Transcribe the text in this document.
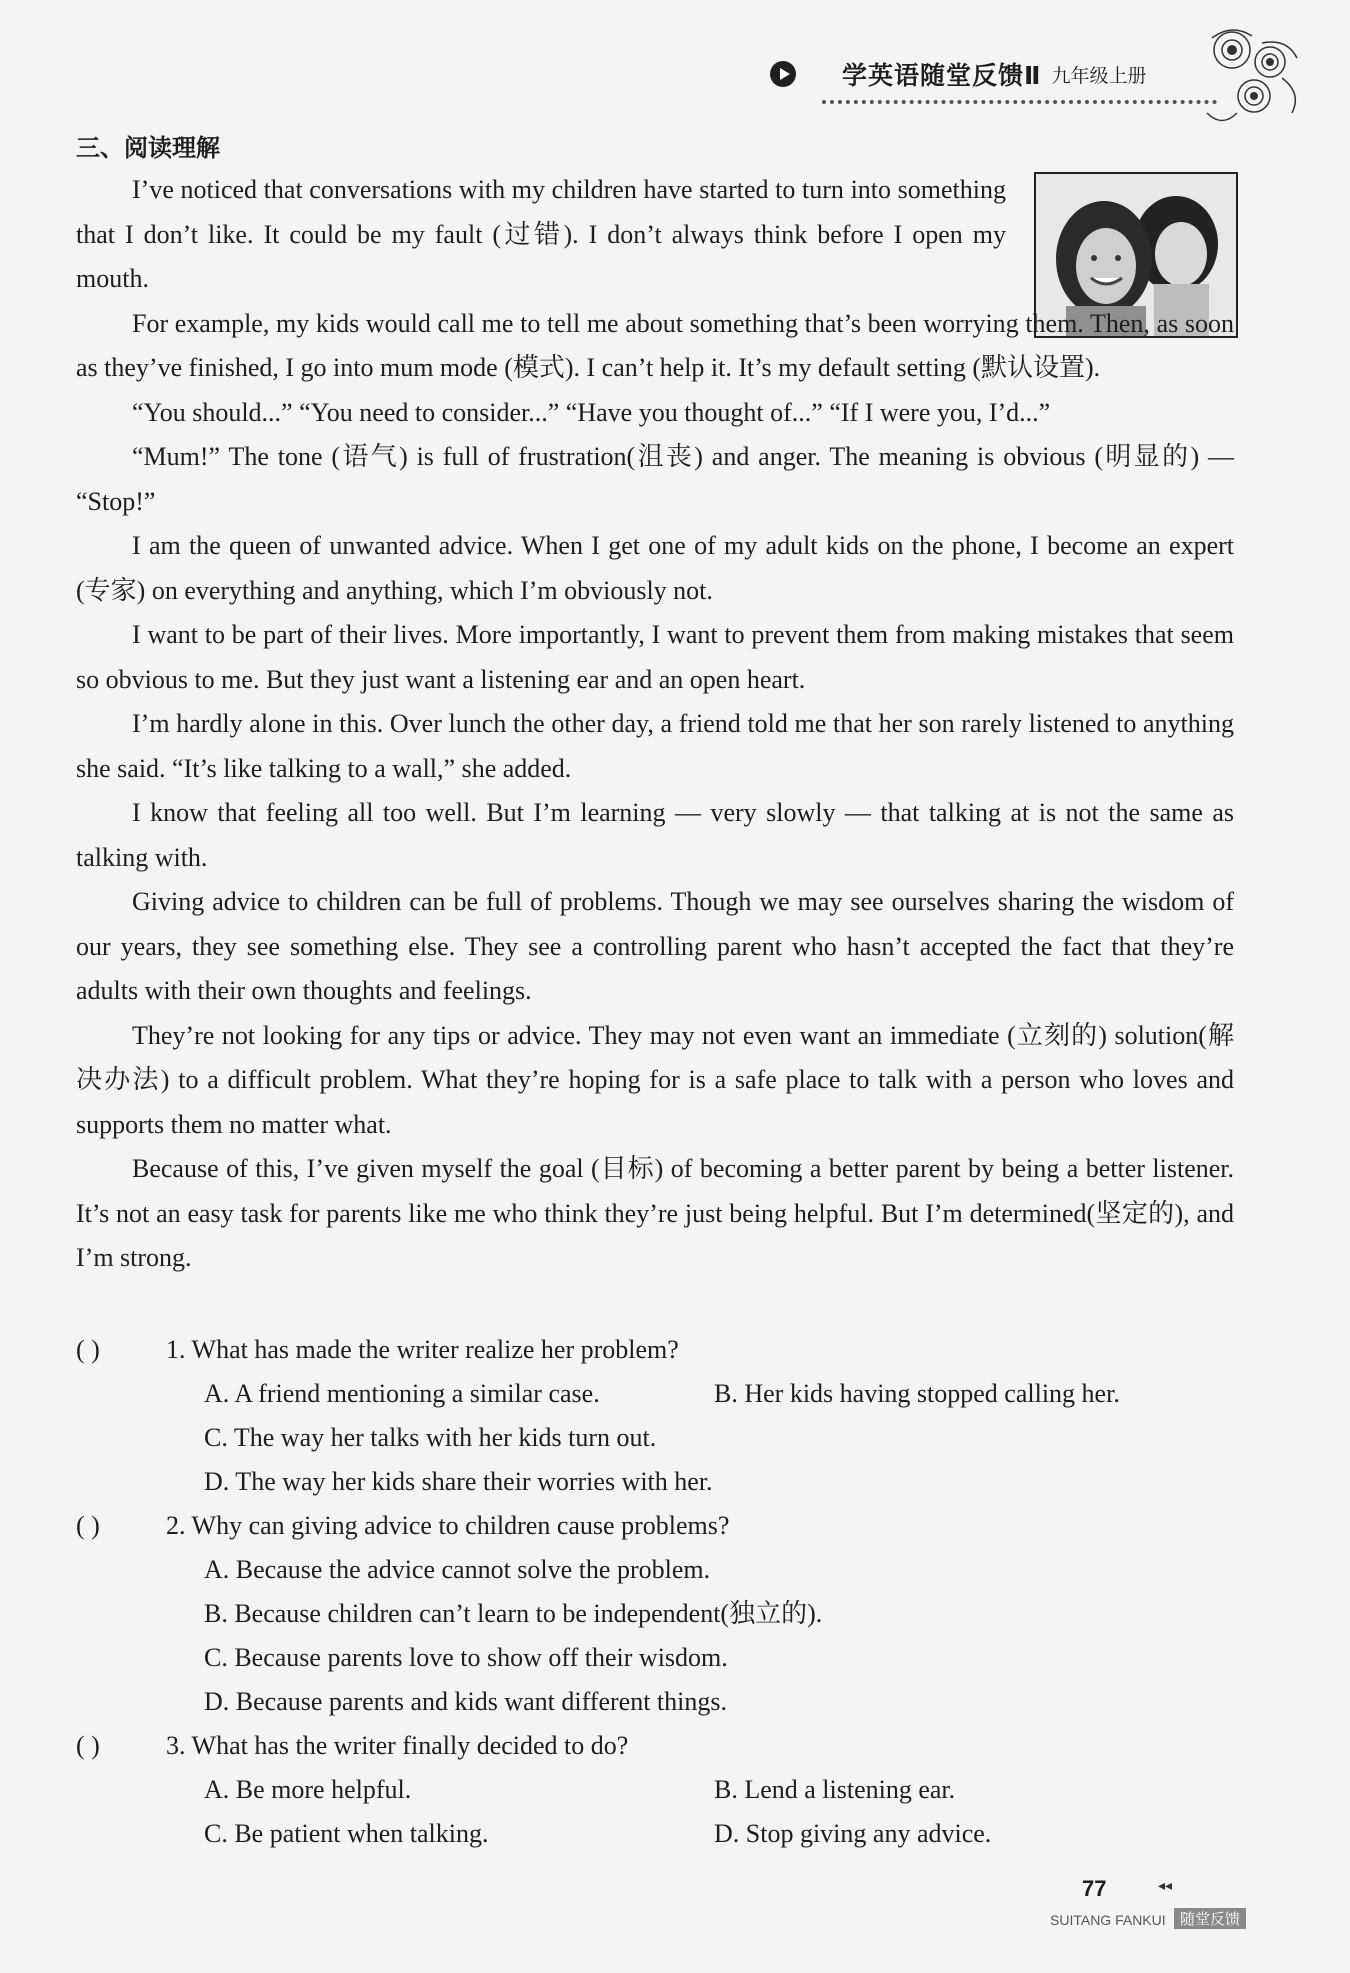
学英语随堂反馈Ⅱ 九年级上册
三、阅读理解

I’ve noticed that conversations with my children have started to turn into something that I don’t like. It could be my fault (过错). I don’t always think before I open my mouth.

For example, my kids would call me to tell me about something that’s been worrying them. Then, as soon as they’ve finished, I go into mum mode (模式). I can’t help it. It’s my default setting (默认设置).

“You should...” “You need to consider...” “Have you thought of...” “If I were you, I’d...”

“Mum!” The tone (语气) is full of frustration(沮丧) and anger. The meaning is obvious (明显的) — “Stop!”

I am the queen of unwanted advice. When I get one of my adult kids on the phone, I become an expert (专家) on everything and anything, which I’m obviously not.

I want to be part of their lives. More importantly, I want to prevent them from making mistakes that seem so obvious to me. But they just want a listening ear and an open heart.

I’m hardly alone in this. Over lunch the other day, a friend told me that her son rarely listened to anything she said. “It’s like talking to a wall,” she added.

I know that feeling all too well. But I’m learning — very slowly — that talking at is not the same as talking with.

Giving advice to children can be full of problems. Though we may see ourselves sharing the wisdom of our years, they see something else. They see a controlling parent who hasn’t accepted the fact that they’re adults with their own thoughts and feelings.

They’re not looking for any tips or advice. They may not even want an immediate (立刻的) solution(解决办法) to a difficult problem. What they’re hoping for is a safe place to talk with a person who loves and supports them no matter what.

Because of this, I’ve given myself the goal (目标) of becoming a better parent by being a better listener. It’s not an easy task for parents like me who think they’re just being helpful. But I’m determined(坚定的), and I’m strong.

( )	1. What has made the writer realize her problem?
A. A friend mentioning a similar case.	B. Her kids having stopped calling her.
C. The way her talks with her kids turn out.
D. The way her kids share their worries with her.
( )	2. Why can giving advice to children cause problems?
A. Because the advice cannot solve the problem.
B. Because children can’t learn to be independent(独立的).
C. Because parents love to show off their wisdom.
D. Because parents and kids want different things.
( )	3. What has the writer finally decided to do?
A. Be more helpful.	B. Lend a listening ear.
C. Be patient when talking.	D. Stop giving any advice.
77	◂◂
SUITANG FANKUI 随堂反馈
